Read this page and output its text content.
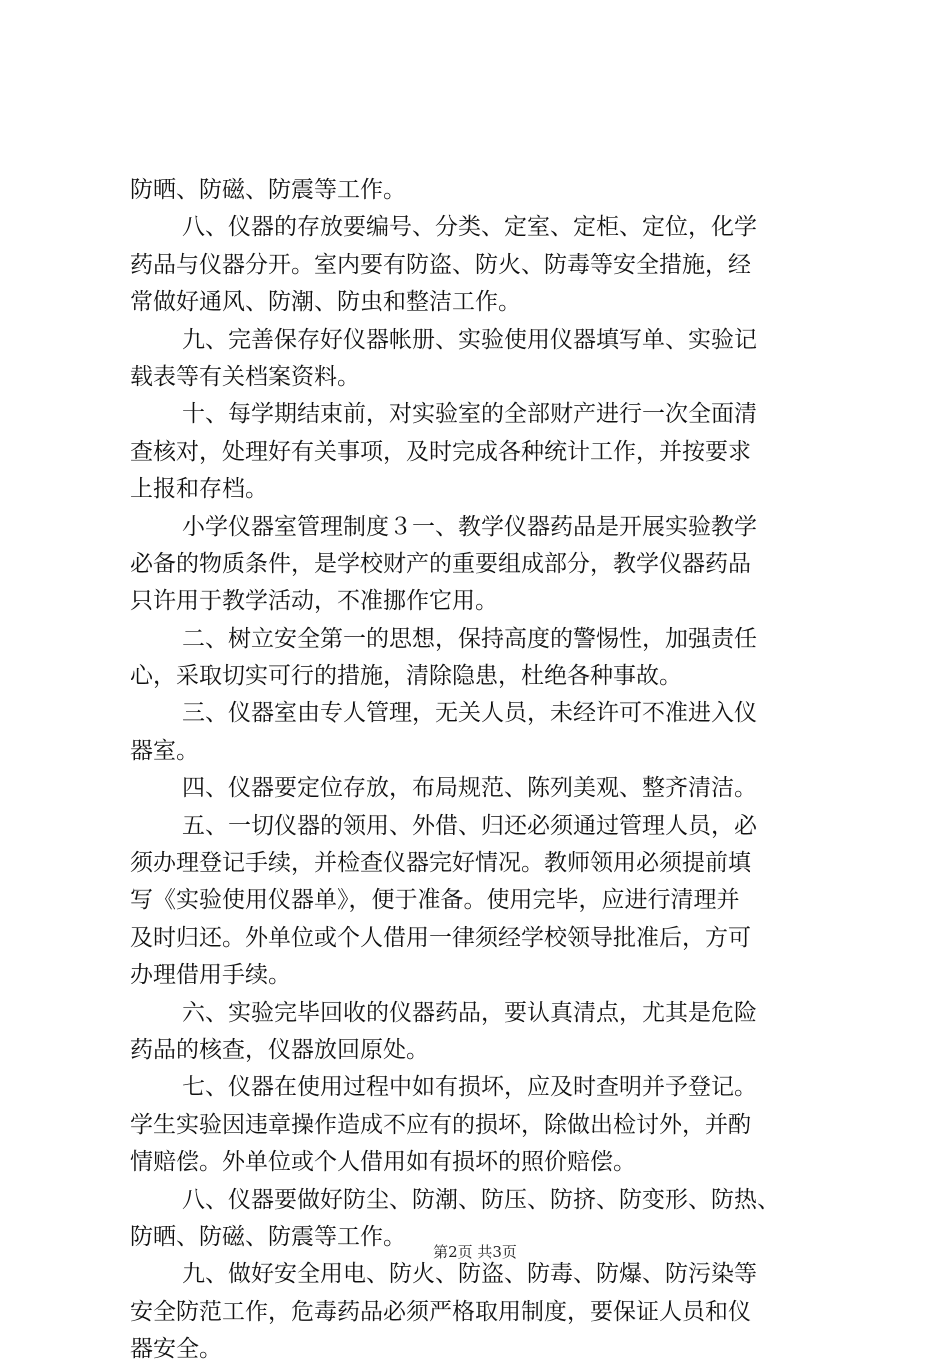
防晒、防磁、防震等工作。
八、仪器的存放要编号、分类、定室、定柜、定位，化学
药品与仪器分开。室内要有防盗、防火、防毒等安全措施，经
常做好通风、防潮、防虫和整洁工作。
九、完善保存好仪器帐册、实验使用仪器填写单、实验记
载表等有关档案资料。
十、每学期结束前，对实验室的全部财产进行一次全面清
查核对，处理好有关事项，及时完成各种统计工作，并按要求
上报和存档。
小学仪器室管理制度３一、教学仪器药品是开展实验教学
必备的物质条件，是学校财产的重要组成部分，教学仪器药品
只许用于教学活动，不准挪作它用。
二、树立安全第一的思想，保持高度的警惕性，加强责任
心，采取切实可行的措施，清除隐患，杜绝各种事故。
三、仪器室由专人管理，无关人员，未经许可不准进入仪
器室。
四、仪器要定位存放，布局规范、陈列美观、整齐清洁。
五、一切仪器的领用、外借、归还必须通过管理人员，必
须办理登记手续，并检查仪器完好情况。教师领用必须提前填
写《实验使用仪器单》，便于准备。使用完毕，应进行清理并
及时归还。外单位或个人借用一律须经学校领导批准后，方可
办理借用手续。
六、实验完毕回收的仪器药品，要认真清点，尤其是危险
药品的核查，仪器放回原处。
七、仪器在使用过程中如有损坏，应及时查明并予登记。
学生实验因违章操作造成不应有的损坏，除做出检讨外，并酌
情赔偿。外单位或个人借用如有损坏的照价赔偿。
八、仪器要做好防尘、防潮、防压、防挤、防变形、防热、
防晒、防磁、防震等工作。
九、做好安全用电、防火、防盗、防毒、防爆、防污染等
安全防范工作，危毒药品必须严格取用制度，要保证人员和仪
器安全。
第2页 共3页
